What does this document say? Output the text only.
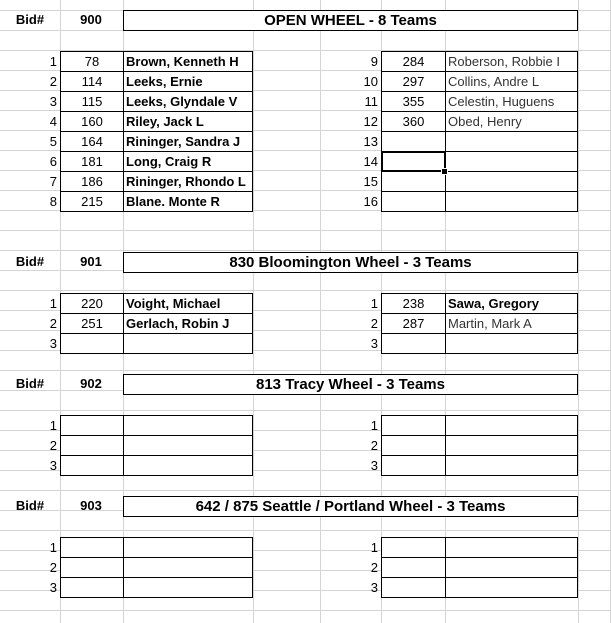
Bid#	900	OPEN WHEEL - 8 Teams
1	78	Brown, Kenneth H
2	114	Leeks, Ernie
3	115	Leeks, Glyndale V
4	160	Riley, Jack L
5	164	Rininger, Sandra J
6	181	Long, Craig R
7	186	Rininger, Rhondo L
8	215	Blane. Monte R
9	284	Roberson, Robbie I
10	297	Collins, Andre L
11	355	Celestin, Huguens
12	360	Obed, Henry
13
14
15
16
Bid#	901	830 Bloomington Wheel - 3 Teams
1	220	Voight, Michael
2	251	Gerlach, Robin J
3
1	238	Sawa, Gregory
2	287	Martin, Mark A
3
Bid#	902	813 Tracy Wheel - 3 Teams
1
2
3
1
2
3
Bid#	903	642 / 875 Seattle / Portland Wheel - 3 Teams
1
2
3
1
2
3
